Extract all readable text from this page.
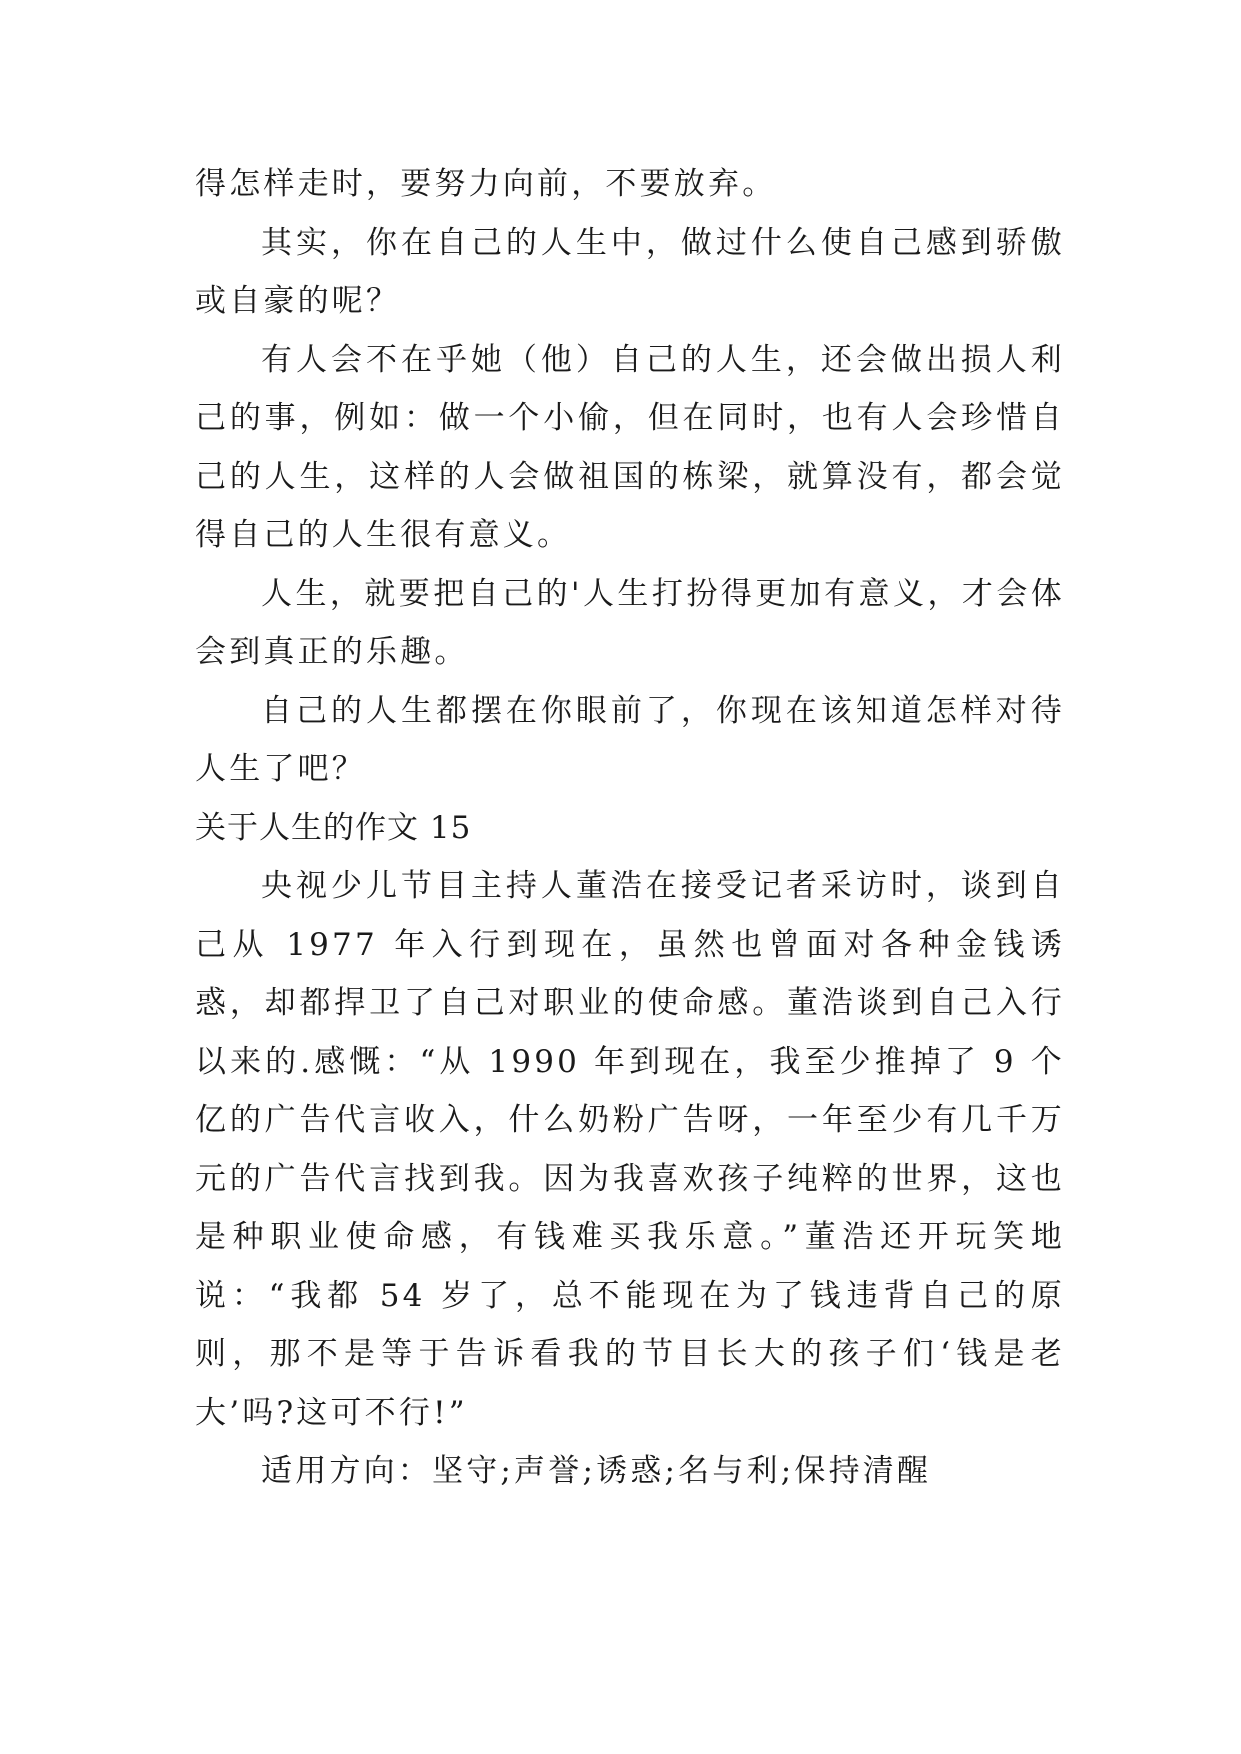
得怎样走时，要努力向前，不要放弃。

其实，你在自己的人生中，做过什么使自己感到骄傲或自豪的呢？

有人会不在乎她（他）自己的人生，还会做出损人利己的事，例如：做一个小偷，但在同时，也有人会珍惜自己的人生，这样的人会做祖国的栋梁，就算没有，都会觉得自己的人生很有意义。

人生，就要把自己的'人生打扮得更加有意义，才会体会到真正的乐趣。

自己的人生都摆在你眼前了，你现在该知道怎样对待人生了吧？

关于人生的作文 15

央视少儿节目主持人董浩在接受记者采访时，谈到自己从 1977 年入行到现在，虽然也曾面对各种金钱诱惑，却都捍卫了自己对职业的使命感。董浩谈到自己入行以来的.感慨：“从 1990 年到现在，我至少推掉了 9 个亿的广告代言收入，什么奶粉广告呀，一年至少有几千万元的广告代言找到我。因为我喜欢孩子纯粹的世界，这也是种职业使命感，有钱难买我乐意。”董浩还开玩笑地说：“我都 54 岁了，总不能现在为了钱违背自己的原则，那不是等于告诉看我的节目长大的孩子们‘钱是老大’吗?这可不行!”

适用方向：坚守;声誉;诱惑;名与利;保持清醒
